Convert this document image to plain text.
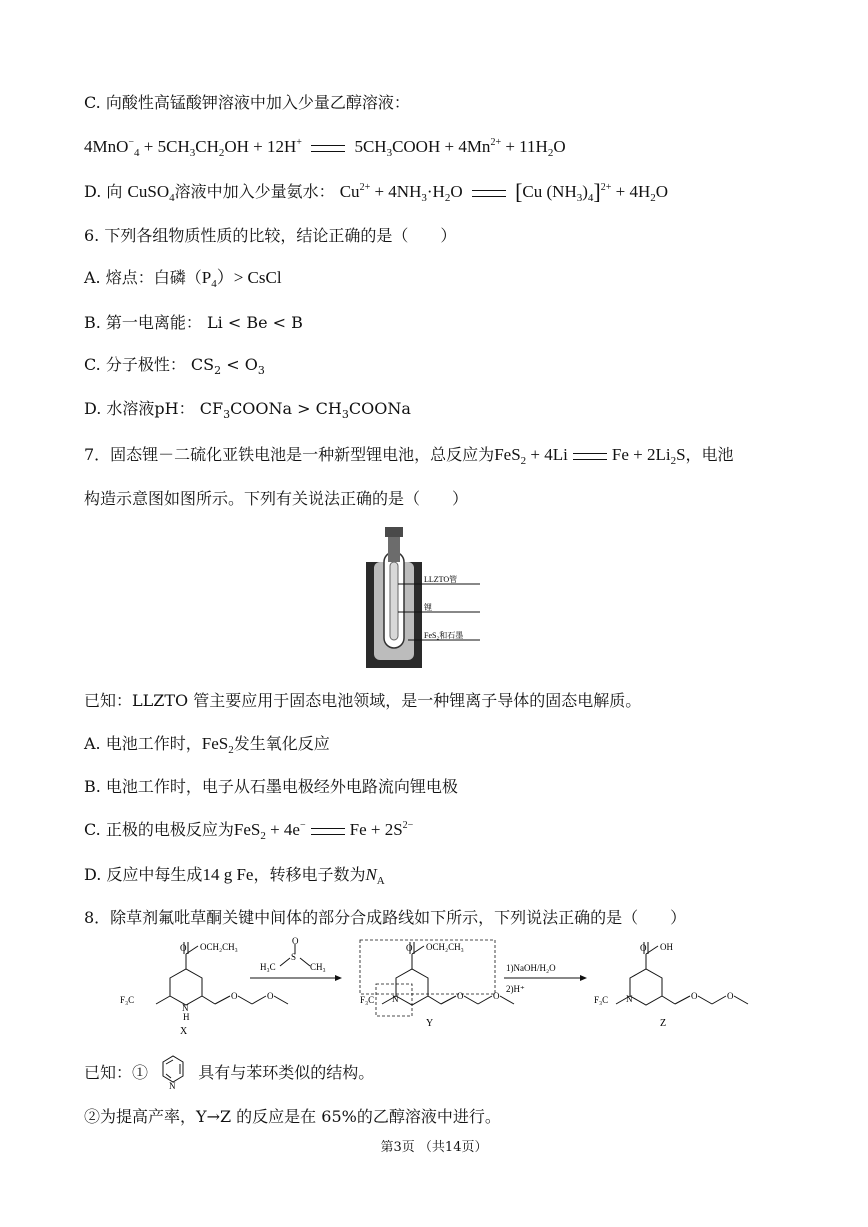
C. 向酸性高锰酸钾溶液中加入少量乙醇溶液：
$4MnO^-_4 + 5CH_3CH_2OH + 12H^+$	$5CH_3COOH + 4Mn^{2+} + 11H_2O$
D. 向 CuSO$_4$溶液中加入少量氨水： $Cu^{2+} + 4NH_3\cdot H_2O$ [Cu $(NH_3)_4]^{2+} + 4H_2O$
6. 下列各组物质性质的比较，结论正确的是（　　）
A. 熔点：白磷$(P_4)>$ CsCl
B. 第一电离能： Li < Be < B
C. 分子极性： $CS_2 < O_3$
D. 水溶液pH： $CF_3COONa$ > $CH_3COONa$
7．固态锂－二硫化亚铁电池是一种新型锂电池，总反应为FeS$_2$ + 4Li	$Fe + 2Li_2S$，电池
构造示意图如图所示。下列有关说法正确的是（　　）
LLZTO管
锂
FeS₂和石墨
已知：LLZTO 管主要应用于固态电池领域，是一种锂离子导体的固态电解质。
A. 电池工作时，FeS$_2$发生氧化反应
B. 电池工作时，电子从石墨电极经外电路流向锂电极
C. 正极的电极反应为FeS$_2$ + 4e−	$Fe + 2S^{2-}$
D. 反应中每生成14 g Fe，转移电子数为$N_A$
8．除草剂氟吡草酮关键中间体的部分合成路线如下所示，下列说法正确的是（　　）
O OCH₂CH₃
F₃C
N
H
O	O
X
H₃C
S
O
CH₃
O OCH₂CH₃
F₃C N	O	O
Y
1)NaOH/H₂O
2)H⁺
O OH
F₃C N	O	O
Z
已知：①
N
具有与苯环类似的结构。
②为提高产率，Y→Z 的反应是在 65%的乙醇溶液中进行。
第3页 （共14页）
